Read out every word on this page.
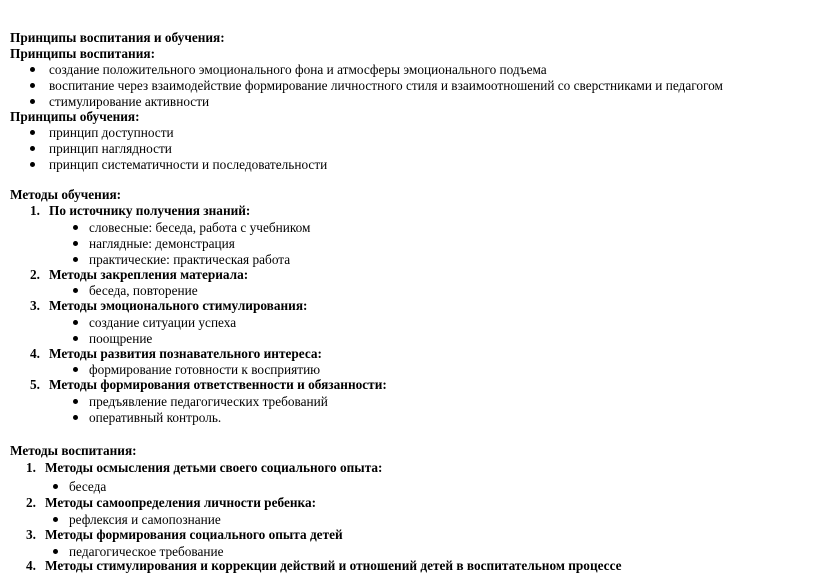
Принципы воспитания и обучения:
Принципы воспитания:
создание положительного эмоционального фона и атмосферы эмоционального подъема
воспитание через взаимодействие формирование личностного стиля и взаимоотношений со сверстниками и педагогом
стимулирование активности
Принципы обучения:
принцип доступности
принцип наглядности
принцип систематичности и последовательности
Методы обучения:
1. По источнику получения знаний:
словесные: беседа, работа с учебником
наглядные: демонстрация
практические: практическая работа
2. Методы закрепления материала:
беседа, повторение
3. Методы эмоционального стимулирования:
создание ситуации успеха
поощрение
4. Методы развития познавательного интереса:
формирование готовности к восприятию
5. Методы формирования ответственности и обязанности:
предъявление педагогических требований
оперативный контроль.
Методы воспитания:
1. Методы осмысления детьми своего социального опыта:
беседа
2. Методы самоопределения личности ребенка:
рефлексия и самопознание
3. Методы формирования социального опыта детей
педагогическое требование
4. Методы стимулирования и коррекции действий и отношений детей в воспитательном процессе
